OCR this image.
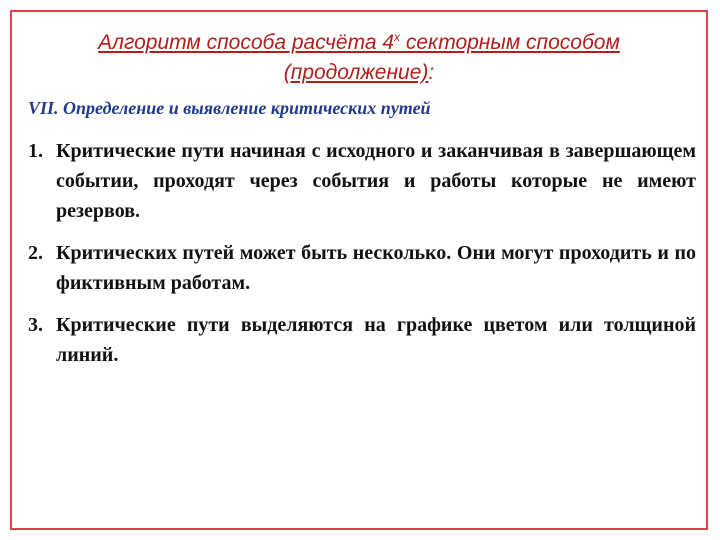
Алгоритм способа расчёта $4^х$ секторным способом
(продолжение):
VII. Определение и выявление критических путей
1. Критические пути начиная с исходного и заканчивая в завершающем событии, проходят через события и работы которые не имеют резервов.
2. Критических путей может быть несколько. Они могут проходить и по фиктивным работам.
3. Критические пути выделяются на графике цветом или толщиной линий.
